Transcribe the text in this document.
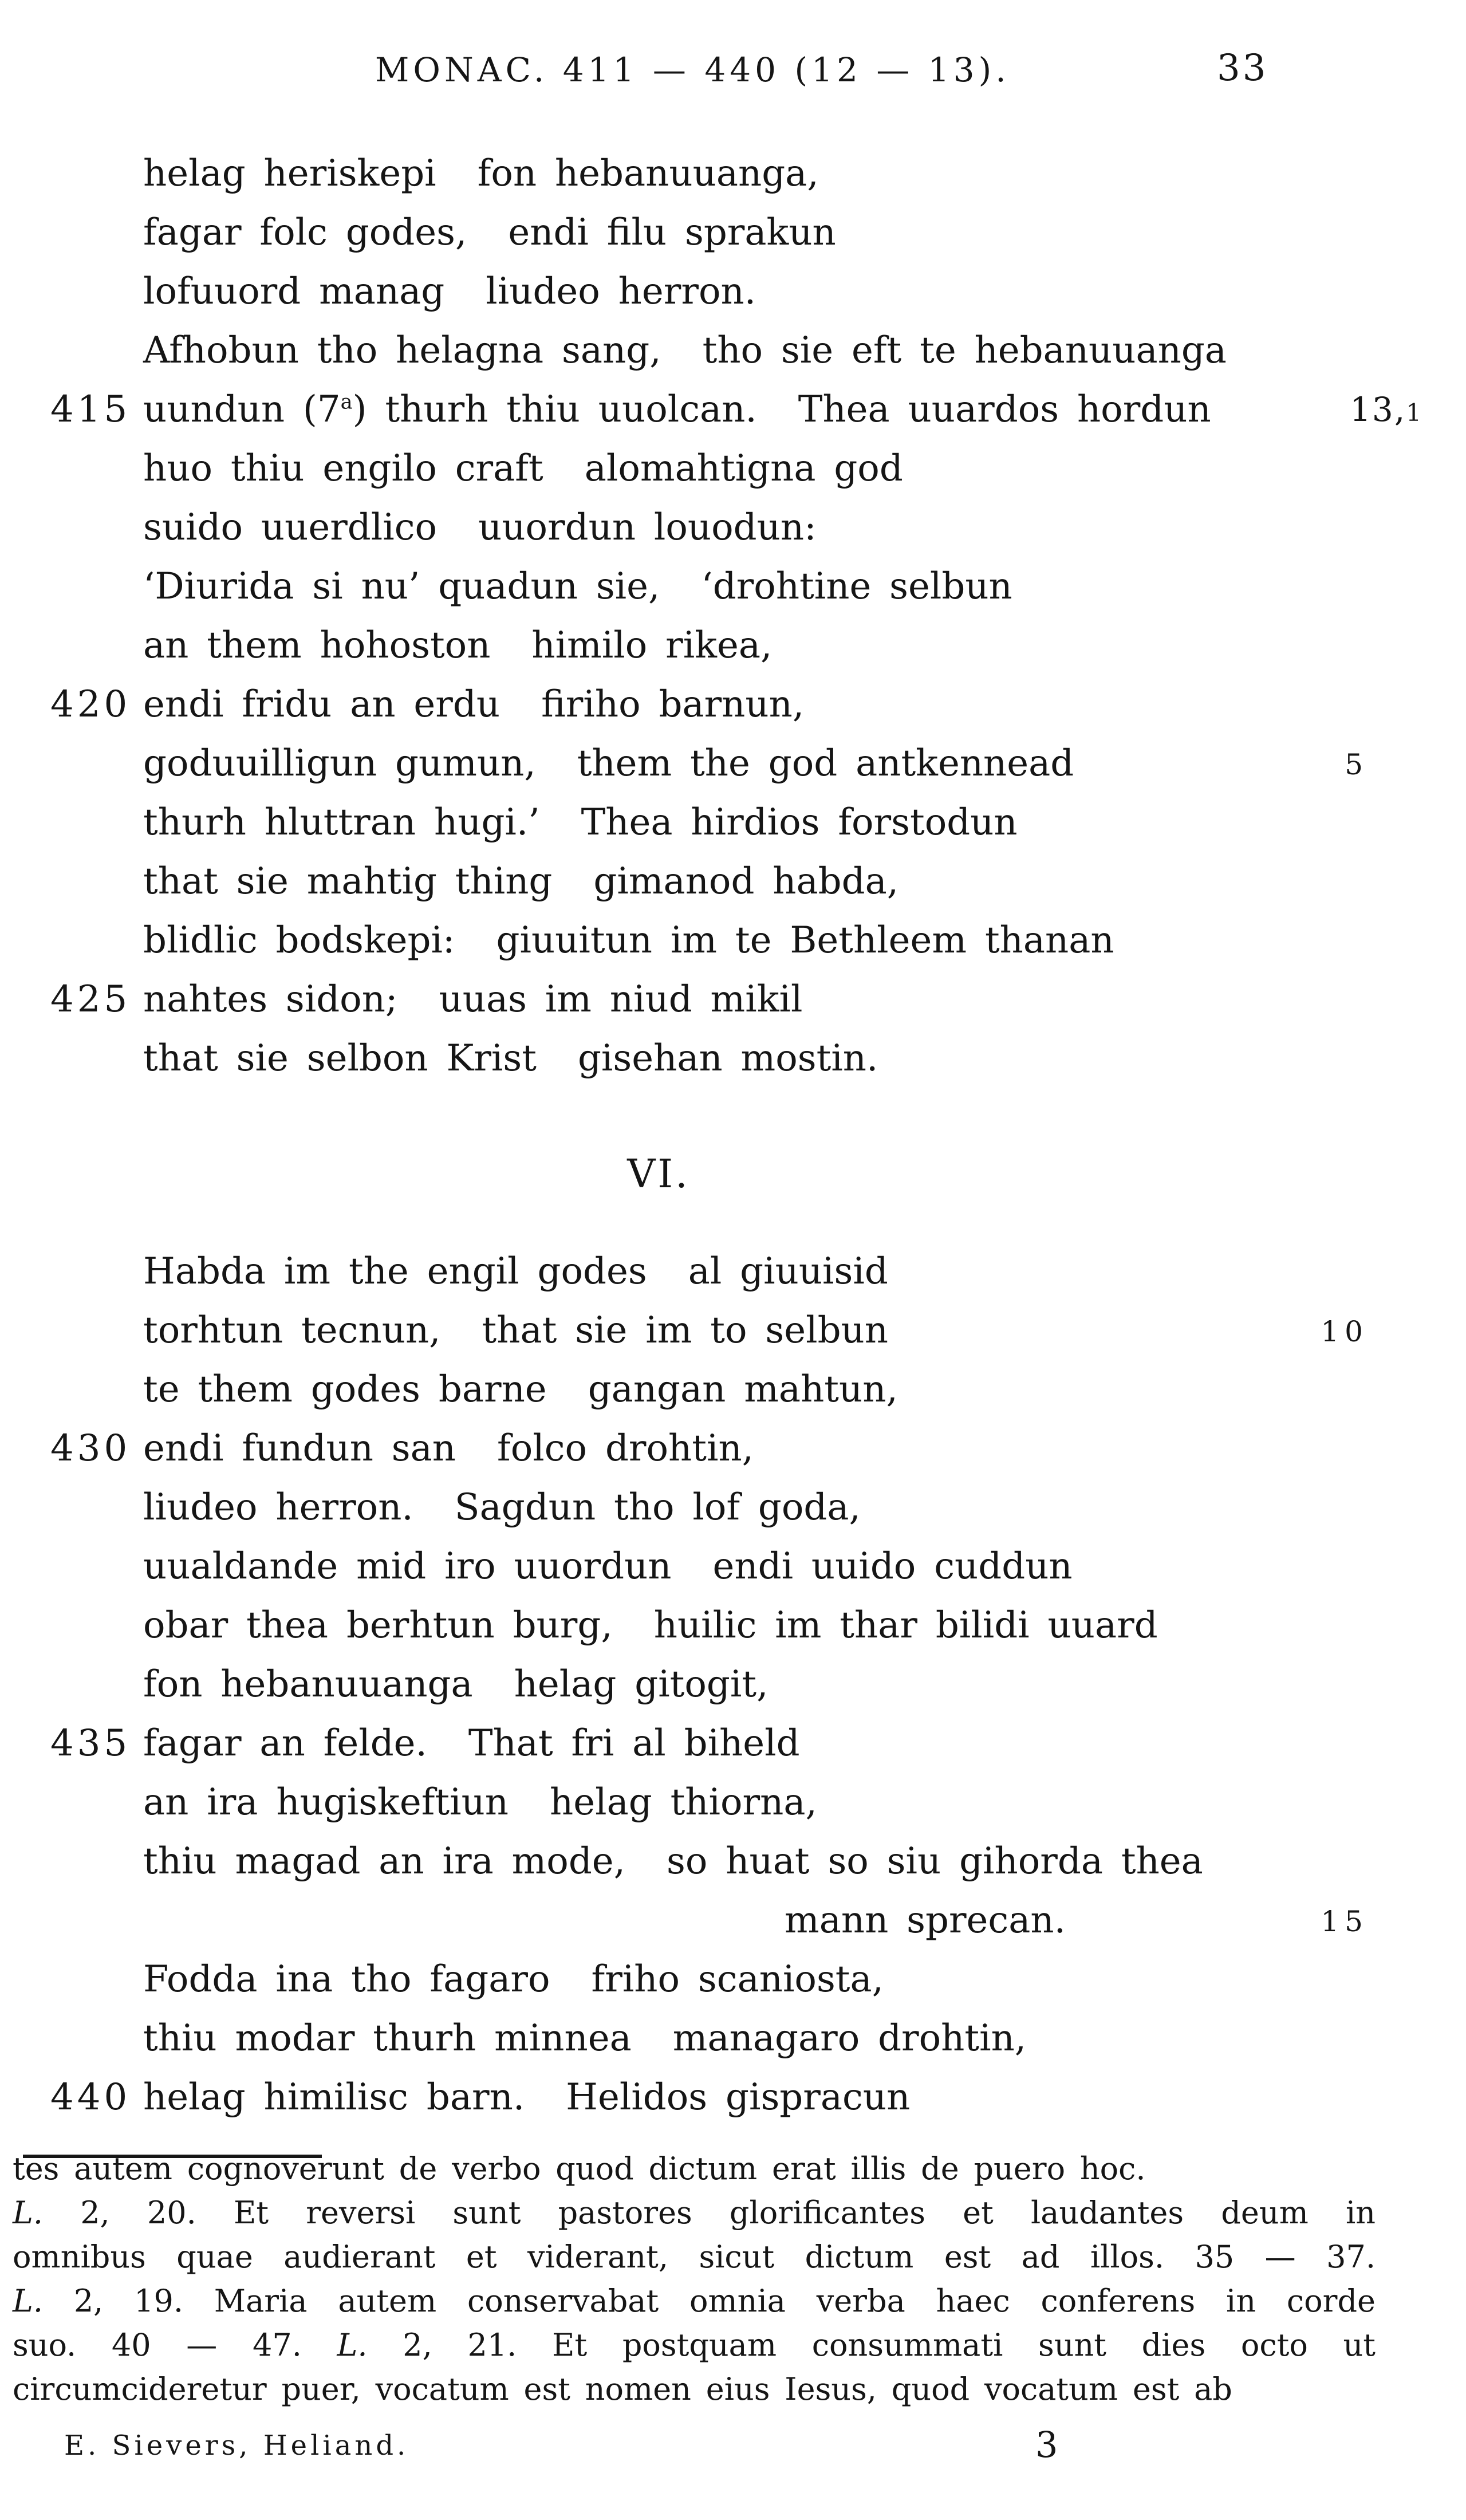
MONAC. 411 — 440 (12 — 13).	33
helag heriskepi fon hebanuuanga,
fagar folc godes, endi filu sprakun
lofuuord manag liudeo herron.
Afhobun tho helagna sang, tho sie eft te hebanuuanga
415 uundun (7$^a$) thurh thiu uuolcan. Thea uuardos hordun	13,1
huo thiu engilo craft alomahtigna god
suido uuerdlico uuordun louodun:
‘Diurida si nu’ quadun sie, ‘drohtine selbun
an them hohoston himilo rikea,
420 endi fridu an erdu firiho barnun,
goduuilligun gumun, them the god antkennead	5
thurh hluttran hugi.’ Thea hirdios forstodun
that sie mahtig thing gimanod habda,
blidlic bodskepi: giuuitun im te Bethleem thanan
425 nahtes sidon; uuas im niud mikil
that sie selbon Krist gisehan mostin.
VI.
Habda im the engil godes al giuuisid
torhtun tecnun, that sie im to selbun	10
te them godes barne gangan mahtun,
430 endi fundun san folco drohtin,
liudeo herron. Sagdun tho lof goda,
uualdande mid iro uuordun endi uuido cuddun
obar thea berhtun burg, huilic im thar bilidi uuard
fon hebanuuanga helag gitogit,
435 fagar an felde. That fri al biheld
an ira hugiskeftiun helag thiorna,
thiu magad an ira mode, so huat so siu gihorda thea
mann sprecan.	15
Fodda ina tho fagaro friho scaniosta,
thiu modar thurh minnea managaro drohtin,
440 helag himilisc barn. Helidos gispracun
tes autem cognoverunt de verbo quod dictum erat illis de puero hoc.
L. 2, 20. Et reversi sunt pastores glorificantes et laudantes deum in
omnibus quae audierant et viderant, sicut dictum est ad illos. 35 — 37.
L. 2, 19. Maria autem conservabat omnia verba haec conferens in corde
suo. 40 — 47. L. 2, 21. Et postquam consummati sunt dies octo ut
circumcideretur puer, vocatum est nomen eius Iesus, quod vocatum est ab
E. Sievers, Heliand.	3
